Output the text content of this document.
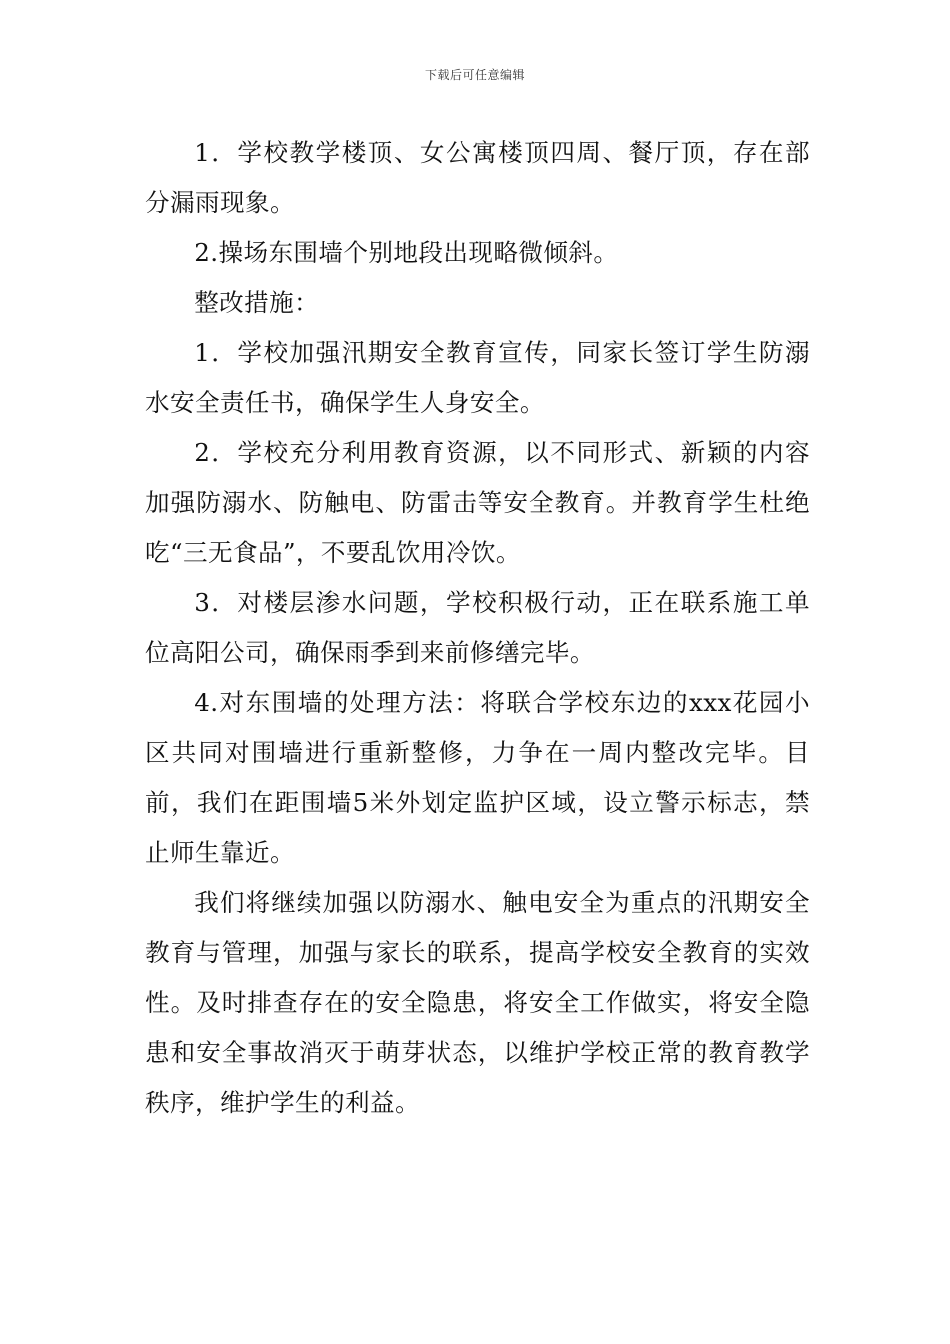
下载后可任意编辑

1．学校教学楼顶、女公寓楼顶四周、餐厅顶，存在部分漏雨现象。

2.操场东围墙个别地段出现略微倾斜。

整改措施：

1．学校加强汛期安全教育宣传，同家长签订学生防溺水安全责任书，确保学生人身安全。

2．学校充分利用教育资源，以不同形式、新颖的内容加强防溺水、防触电、防雷击等安全教育。并教育学生杜绝吃“三无食品”，不要乱饮用冷饮。

3．对楼层渗水问题，学校积极行动，正在联系施工单位高阳公司，确保雨季到来前修缮完毕。

4.对东围墙的处理方法：将联合学校东边的xxx花园小区共同对围墙进行重新整修，力争在一周内整改完毕。目前，我们在距围墙5米外划定监护区域，设立警示标志，禁止师生靠近。

我们将继续加强以防溺水、触电安全为重点的汛期安全教育与管理，加强与家长的联系，提高学校安全教育的实效性。及时排查存在的安全隐患，将安全工作做实，将安全隐患和安全事故消灭于萌芽状态，以维护学校正常的教育教学秩序，维护学生的利益。
